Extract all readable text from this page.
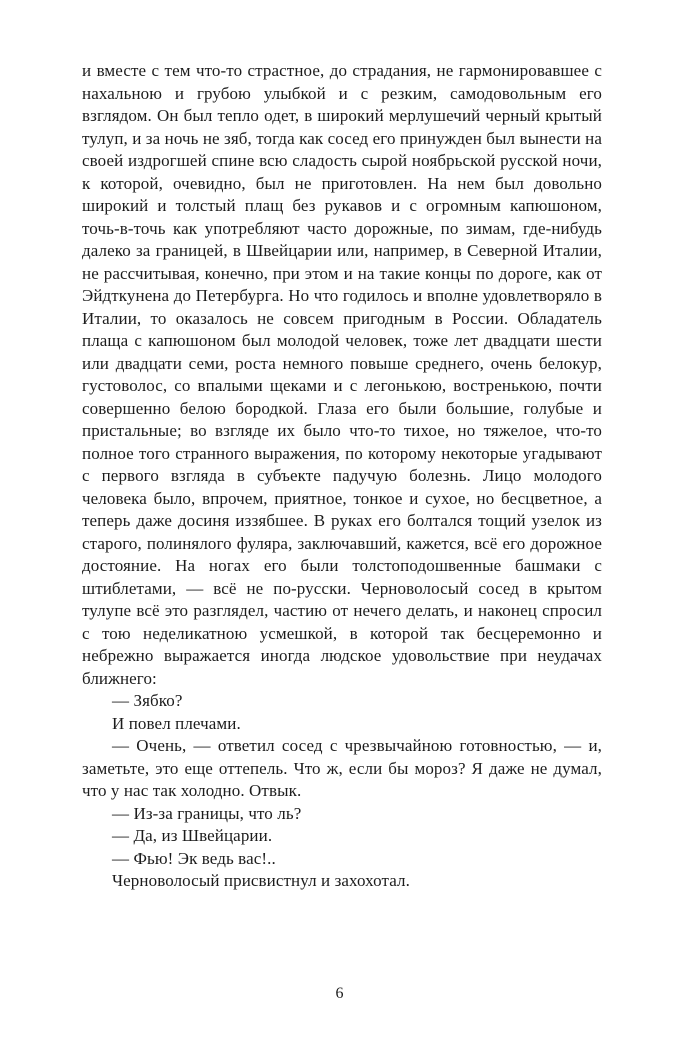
и вместе с тем что-то страстное, до страдания, не гармонировавшее с нахальною и грубою улыбкой и с резким, самодовольным его взглядом. Он был тепло одет, в широкий мерлушечий черный крытый тулуп, и за ночь не зяб, тогда как сосед его принужден был вынести на своей издрогшей спине всю сладость сырой ноябрьской русской ночи, к которой, очевидно, был не приготовлен. На нем был довольно широкий и толстый плащ без рукавов и с огромным капюшоном, точь-в-точь как употребляют часто дорожные, по зимам, где-нибудь далеко за границей, в Швейцарии или, например, в Северной Италии, не рассчитывая, конечно, при этом и на такие концы по дороге, как от Эйдткунена до Петербурга. Но что годилось и вполне удовлетворяло в Италии, то оказалось не совсем пригодным в России. Обладатель плаща с капюшоном был молодой человек, тоже лет двадцати шести или двадцати семи, роста немного повыше среднего, очень белокур, густоволос, со впалыми щеками и с легонькою, востренькою, почти совершенно белою бородкой. Глаза его были большие, голубые и пристальные; во взгляде их было что-то тихое, но тяжелое, что-то полное того странного выражения, по которому некоторые угадывают с первого взгляда в субъекте падучую болезнь. Лицо молодого человека было, впрочем, приятное, тонкое и сухое, но бесцветное, а теперь даже досиня иззябшее. В руках его болтался тощий узелок из старого, полинялого фуляра, заключавший, кажется, всё его дорожное достояние. На ногах его были толстоподошвенные башмаки с штиблетами, — всё не по-русски. Черноволосый сосед в крытом тулупе всё это разглядел, частию от нечего делать, и наконец спросил с тою неделикатною усмешкой, в которой так бесцеремонно и небрежно выражается иногда людское удовольствие при неудачах ближнего:

— Зябко?

И повел плечами.

— Очень, — ответил сосед с чрезвычайною готовностью, — и, заметьте, это еще оттепель. Что ж, если бы мороз? Я даже не думал, что у нас так холодно. Отвык.

— Из-за границы, что ль?

— Да, из Швейцарии.

— Фью! Эк ведь вас!..

Черноволосый присвистнул и захохотал.

6
